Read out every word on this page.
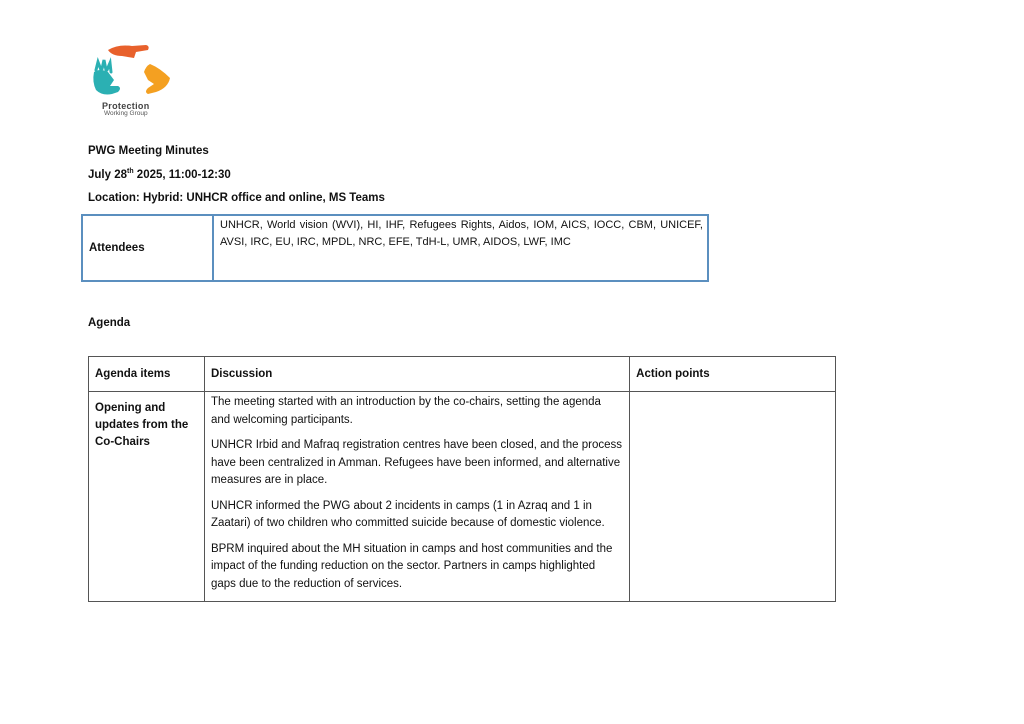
Protection
Working Group
PWG Meeting Minutes
July 28th 2025, 11:00-12:30
Location: Hybrid: UNHCR office and online, MS Teams
Attendees
UNHCR, World vision (WVI), HI, IHF, Refugees Rights, Aidos, IOM, AICS, IOCC, CBM, UNICEF, AVSI, IRC, EU, IRC, MPDL, NRC, EFE, TdH-L, UMR, AIDOS, LWF, IMC
Agenda
Agenda items	Discussion	Action points
Opening and updates from the Co-Chairs	The meeting started with an introduction by the co-chairs, setting the agenda and welcoming participants.

UNHCR Irbid and Mafraq registration centres have been closed, and the process have been centralized in Amman. Refugees have been informed, and alternative measures are in place.

UNHCR informed the PWG about 2 incidents in camps (1 in Azraq and 1 in Zaatari) of two children who committed suicide because of domestic violence.

BPRM inquired about the MH situation in camps and host communities and the impact of the funding reduction on the sector. Partners in camps highlighted gaps due to the reduction of services.	
